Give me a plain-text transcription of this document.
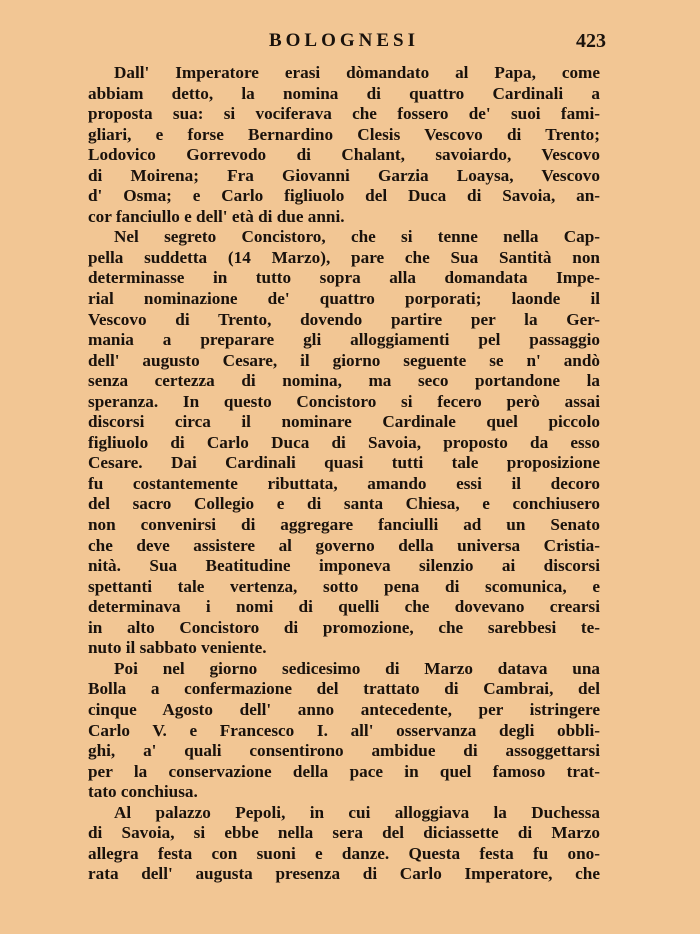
BOLOGNESI	423
Dall' Imperatore erasi dòmandato al Papa, come
abbiam detto, la nomina di quattro Cardinali a
proposta sua: si vociferava che fossero de' suoi fami-
gliari, e forse Bernardino Clesis Vescovo di Trento;
Lodovico Gorrevodo di Chalant, savoiardo, Vescovo
di Moirena; Fra Giovanni Garzia Loaysa, Vescovo
d' Osma; e Carlo figliuolo del Duca di Savoia, an-
cor fanciullo e dell' età di due anni.
Nel segreto Concistoro, che si tenne nella Cap-
pella suddetta (14 Marzo), pare che Sua Santità non
determinasse in tutto sopra alla domandata Impe-
rial nominazione de' quattro porporati; laonde il
Vescovo di Trento, dovendo partire per la Ger-
mania a preparare gli alloggiamenti pel passaggio
dell' augusto Cesare, il giorno seguente se n' andò
senza certezza di nomina, ma seco portandone la
speranza. In questo Concistoro si fecero però assai
discorsi circa il nominare Cardinale quel piccolo
figliuolo di Carlo Duca di Savoia, proposto da esso
Cesare. Dai Cardinali quasi tutti tale proposizione
fu costantemente ributtata, amando essi il decoro
del sacro Collegio e di santa Chiesa, e conchiusero
non convenirsi di aggregare fanciulli ad un Senato
che deve assistere al governo della universa Cristia-
nità. Sua Beatitudine imponeva silenzio ai discorsi
spettanti tale vertenza, sotto pena di scomunica, e
determinava i nomi di quelli che dovevano crearsi
in alto Concistoro di promozione, che sarebbesi te-
nuto il sabbato veniente.
Poi nel giorno sedicesimo di Marzo datava una
Bolla a confermazione del trattato di Cambrai, del
cinque Agosto dell' anno antecedente, per istringere
Carlo V. e Francesco I. all' osservanza degli obbli-
ghi, a' quali consentirono ambidue di assoggettarsi
per la conservazione della pace in quel famoso trat-
tato conchiusa.
Al palazzo Pepoli, in cui alloggiava la Duchessa
di Savoia, si ebbe nella sera del diciassette di Marzo
allegra festa con suoni e danze. Questa festa fu ono-
rata dell' augusta presenza di Carlo Imperatore, che
